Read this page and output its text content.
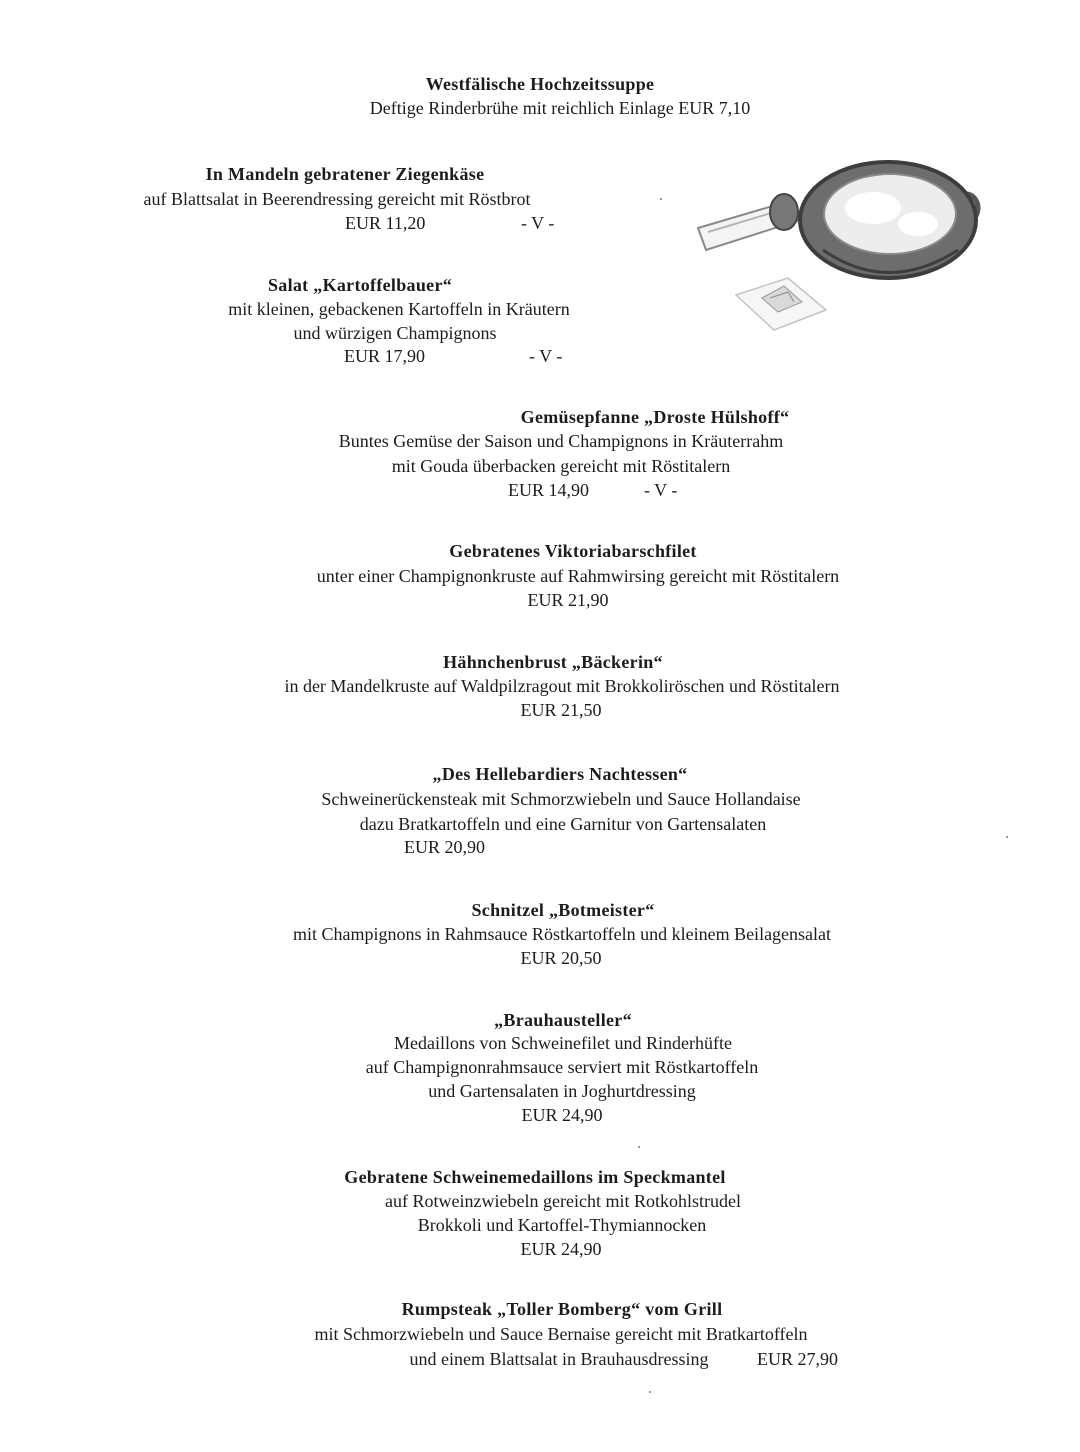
Westfälische Hochzeitssuppe
Deftige Rinderbrühe mit reichlich Einlage EUR 7,10
In Mandeln gebratener Ziegenkäse
auf Blattsalat in Beerendressing gereicht mit Röstbrot
EUR 11,20	- V -
Salat „Kartoffelbauer“
mit kleinen, gebackenen Kartoffeln in Kräutern
und würzigen Champignons
EUR 17,90	- V -
Gemüsepfanne „Droste Hülshoff“
Buntes Gemüse der Saison und Champignons in Kräuterrahm
mit Gouda überbacken gereicht mit Röstitalern
EUR 14,90	- V -
Gebratenes Viktoriabarschfilet
unter einer Champignonkruste auf Rahmwirsing gereicht mit Röstitalern
EUR 21,90
Hähnchenbrust „Bäckerin“
in der Mandelkruste auf Waldpilzragout mit Brokkoliröschen und Röstitalern
EUR 21,50
„Des Hellebardiers Nachtessen“
Schweinerückensteak mit Schmorzwiebeln und Sauce Hollandaise
dazu Bratkartoffeln und eine Garnitur von Gartensalaten
EUR 20,90
Schnitzel „Botmeister“
mit Champignons in Rahmsauce Röstkartoffeln und kleinem Beilagensalat
EUR 20,50
„Brauhausteller“
Medaillons von Schweinefilet und Rinderhüfte
auf Champignonrahmsauce serviert mit Röstkartoffeln
und Gartensalaten in Joghurtdressing
EUR 24,90
Gebratene Schweinemedaillons im Speckmantel
auf Rotweinzwiebeln gereicht mit Rotkohlstrudel
Brokkoli und Kartoffel-Thymiannocken
EUR 24,90
Rumpsteak „Toller Bomberg“ vom Grill
mit Schmorzwiebeln und Sauce Bernaise gereicht mit Bratkartoffeln
und einem Blattsalat in Brauhausdressing	EUR 27,90
